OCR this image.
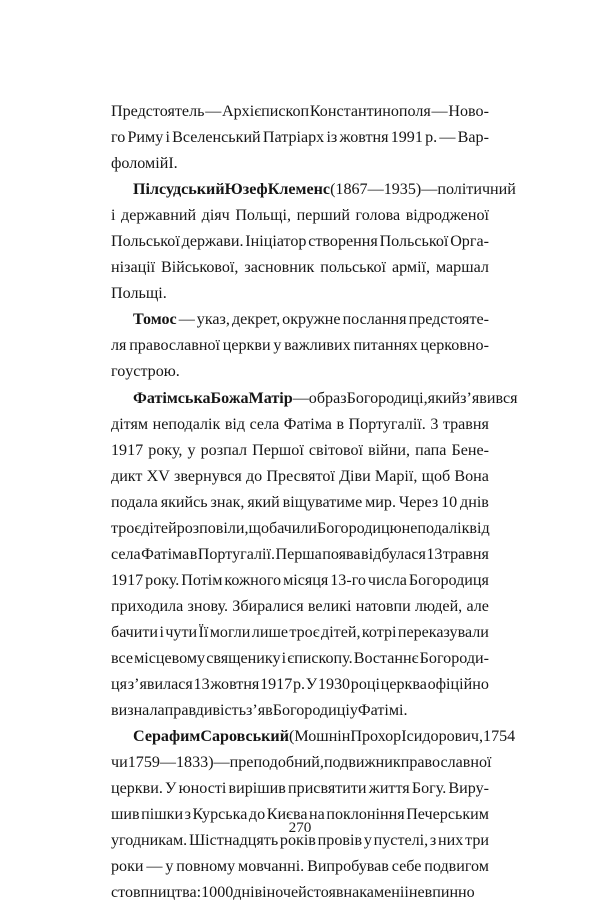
Предстоятель — Архієпископ Константинополя — Ново-
го Риму і Вселенський Патріарх із жовтня 1991 р. — Вар-
фоломій І.
Пілсудський Юзеф Клеменс (1867—1935) — політичний
і державний діяч Польщі, перший голова відродженої
Польської держави. Ініціатор створення Польської Орга-
нізації Військової, засновник польської армії, маршал
Польщі.
Томос — указ, декрет, окружне послання предстояте-
ля православної церкви у важливих питаннях церковно-
го устрою.
Фатімська Божа Матір — образ Богородиці, який з’явився
дітям неподалік від села Фатіма в Португалії. 3 травня
1917 року, у розпал Першої світової війни, папа Бене-
дикт XV звернувся до Пресвятої Діви Марії, щоб Вона
подала якийсь знак, який віщуватиме мир. Через 10 днів
троє дітей розповіли, що бачили Богородицю неподалік від
села Фатіма в Португалії. Перша поява відбулася 13 травня
1917 року. Потім кожного місяця 13-го числа Богородиця
приходила знову. Збиралися великі натовпи людей, але
бачити і чути Її могли лише троє дітей, котрі переказували
все місцевому священику і єпископу. Востаннє Богороди-
ця з’явилася 13 жовтня 1917 р. У 1930 році церква офіційно
визнала правдивість з’яв Богородиці у Фатімі.
Серафим Саровський (Мошнін Прохор Ісидорович, 1754
чи 1759—1833) — преподобний, подвижник православної
церкви. У юності вирішив присвятити життя Богу. Виру-
шив пішки з Курська до Києва на поклоніння Печерським
угодникам. Шістнадцять років провів у пустелі, з них три
роки — у повному мовчанні. Випробував себе подвигом
стовпництва: 1000 днів і ночей стояв на камені і невпинно
270
